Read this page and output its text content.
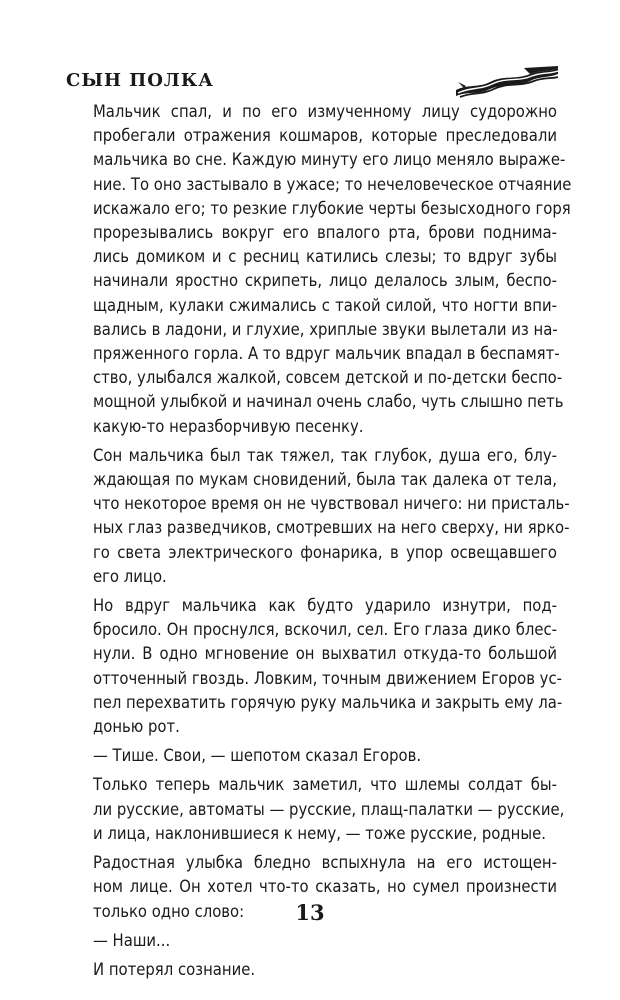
СЫН ПОЛКА

Мальчик спал, и по его измученному лицу судорожно
пробегали отражения кошмаров, которые преследовали
мальчика во сне. Каждую минуту его лицо меняло выраже-
ние. То оно застывало в ужасе; то нечеловеческое отчаяние
искажало его; то резкие глубокие черты безысходного горя
прорезывались вокруг его впалого рта, брови поднима-
лись домиком и с ресниц катились слезы; то вдруг зубы
начинали яростно скрипеть, лицо делалось злым, беспо-
щадным, кулаки сжимались с такой силой, что ногти впи-
вались в ладони, и глухие, хриплые звуки вылетали из на-
пряженного горла. А то вдруг мальчик впадал в беспамят-
ство, улыбался жалкой, совсем детской и по-детски беспо-
мощной улыбкой и начинал очень слабо, чуть слышно петь
какую-то неразборчивую песенку.

Сон мальчика был так тяжел, так глубок, душа его, блу-
ждающая по мукам сновидений, была так далека от тела,
что некоторое время он не чувствовал ничего: ни присталь-
ных глаз разведчиков, смотревших на него сверху, ни ярко-
го света электрического фонарика, в упор освещавшего
его лицо.

Но вдруг мальчика как будто ударило изнутри, под-
бросило. Он проснулся, вскочил, сел. Его глаза дико блес-
нули. В одно мгновение он выхватил откуда-то большой
отточенный гвоздь. Ловким, точным движением Егоров ус-
пел перехватить горячую руку мальчика и закрыть ему ла-
донью рот.

— Тише. Свои, — шепотом сказал Егоров.

Только теперь мальчик заметил, что шлемы солдат бы-
ли русские, автоматы — русские, плащ-палатки — русские,
и лица, наклонившиеся к нему, — тоже русские, родные.

Радостная улыбка бледно вспыхнула на его истощен-
ном лице. Он хотел что-то сказать, но сумел произнести
только одно слово:

— Наши...

И потерял сознание.

13
